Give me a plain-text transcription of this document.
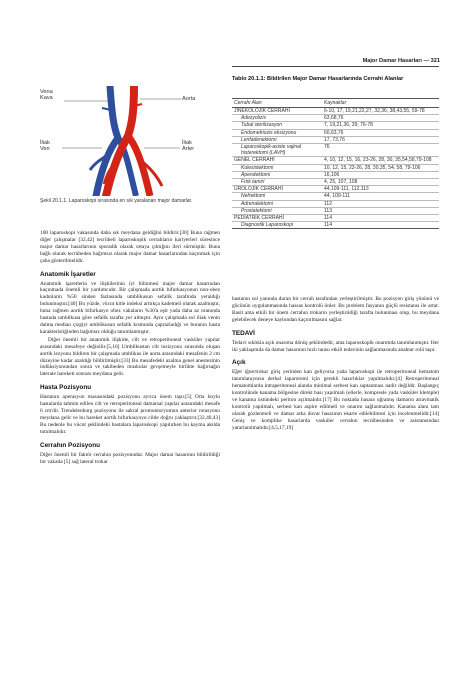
Major Damar Hasarları — 321
Vena
Kava	Aorta
İliak
Ven
İliak
Arter
Şekil 20.1.1. Laparoskopi sırasında en sık yaralanan major damarlar.
Tablo 20.1.1: Bildirilen Major Damar Hasarlarında Cerrahi Alanlar
Cerrahi Alan	Kaynaklar
JİNEKOLOJİK CERRAHİ	6-10, 17, 19,21,22,27, 32,36, 38,43,55, 59-78
Adezyolizis	63,68,76
Tubal sterilizasyon	7, 19,21,36, 39, 76-78
Endometriozis eksizyonu	60,63,76
Lenfadenektomi	17, 73,76
Laparoskopik-asiste vajinal histerektomi (LAVH)	76
GENEL CERRAHİ	4, 10, 12, 15, 16, 23-26, 28, 30, 35,54,58,79-108
Kolesistektomi	10, 12, 15, 23-26, 28, 30,35, 54, 58, 79-106
Apendektomi	16,106
Fıtık tamiri	4, 25, 107, 108
ÜROLOJİK CERRAHİ	44,109-111, 112,113
Nefrektomi	44, 109-111
Adrenalektomi	112
Prostatektomi	113
PEDİATRİK CERRAHİ	114
Diagnostik Laparoskopi	114

100 laparoskopi vakasında daha sık meydana geldiğini bildirir.[30] Buna rağmen diğer çalışmalar [32,42] tecrübeli laparoskopik cerrahların kariyerleri süresince major damar hasarlarının sporadik olarak ortaya çıktığını ileri sürmüştür. Buna bağlı olarak tecrübeden bağımsız olarak major damar hasarlarından kaçınmak için çaba gösterilmelidir.

Anatomik İşaretler

Anatomik işaretlerin ve ilişkilerinin iyi bilinmesi major damar hasarından kaçınmada önemli bir yardımcıdır. Bir çalışmada aortik bifurkasyonun non-obez kadınların %50 sinden fazlasında umblikusun sefalik tarafında yeraldığı bulunmuştur.[40] Bu yüzde, vücut kitle indeksi arttıkça kademeli olarak azalmıştır, buna rağmen aortik bifurkasyo obez vakaların %30'a eşit yada daha az oranında hastada umblikusa göre sefalik tarafta yer almıştır. Aynı çalışmada sol iliak venin daima median çizgiyi umblikusun sefalik kısmında çaprazladığı ve buranın hasta karakteristiğinden bağımsız olduğu tanımlanmıştır.

Diğer önemli bir anatomik ilişkide, cilt ve retroperitoneal vasküler yapılar arasındaki mesafeye değinilir.[5,16] Umblikustan cilt insizyonu sırasında oluşan aortik lezyonu bildiren bir çalışmada umblikus ile aorta arasındaki mesafenin 2 cm düzeyine kadar azaldığı bildirilmiştir.[33] Bu mesafedeki azalma genel anestezinin indüksiyonundan sonra ve takibeden muskular gevşemeyle birlikte bağırsağın laterale hareketi sonrası meydana gelir.

Hasta Pozisyonu

Hastanın operasyon masasındaki pozisyonu ayrıca önem taşır.[5] Orta boylu hastalarda tahmin edilen cilt ve retroperitoneal damarsal yapılar arasındaki mesafe 6 cm'dir. Trendelenburg pozisyonu ile sakral promontoryumun anterior rotasyonu meydana gelir ve bu hareket aortik bifurkasyoyu cilde doğru yaklaştırır.[32,40,43] Bu nedenle bu vücut şeklindeki hastalara laparoskopi yapılırken bu kayma akılda tutulmalıdır.

Cerrahın Pozisyonu

Diğer önemli bir faktör cerrahın pozisyonudur. Major damar hasarının bildirildiği bir vakada [5] sağ lateral trokar

hastanın sol yanında duran bir cerrah tarafından yerleştirilmiştir. Bu pozisyon giriş yönünü ve gücünün uygulanmasında hassas kontrolü önler. Bu problem fasyanın güçlü resistansı ile artar. Basit ama etkili bir önem cerrahın trokarın yerleştirildiği tarafta bulunması olup, bu meydana gelebilecek deneye kaybından kaçınılmasını sağlar.

TEDAVİ

Tedavi sıklıkla açık onarıma dönüş şeklindedir, ama laparoskopik onarımda tanımlanmıştır. Her iki yaklaşımda da damar hasarının hızlı tanısı etkili tedavinin sağlanmasında anahtar rolü taşır.

Açık

Eğer iğne/trokar giriş yerinden kan geliyorsa yada laparoskopi ile retroperitoneal hematom tanımlanıyorsa derhal laparotomi için gerekli hazırlıklar yapılmalıdır.[4] Retroperitoneal hematomlarda intraperitoneal alanda minimal serbest kan saptanması nadir değildir. Başlangıç kontrolünde kanama bölgesine direkt bası yapılmalı (ellerle, kompresle yada vasküler klemple) ve kanama üstündeki periton açılmalıdır.[17] Bu noktada hasara uğramış damarın atravmatik kontrolü yapılmalı, serbest kan aspire edilmeli ve onarım sağlanmalıdır. Kanama alanı tam olarak gözlenmeli ve damar arka duvar hasarının ekarte edilebilmesi için incelenmelidir.[14] Geniş ve komplike hasarlarda vasküler cerrahın tecrübesinden ve asistansından yararlanılmalıdır.[4,5,17,19]
